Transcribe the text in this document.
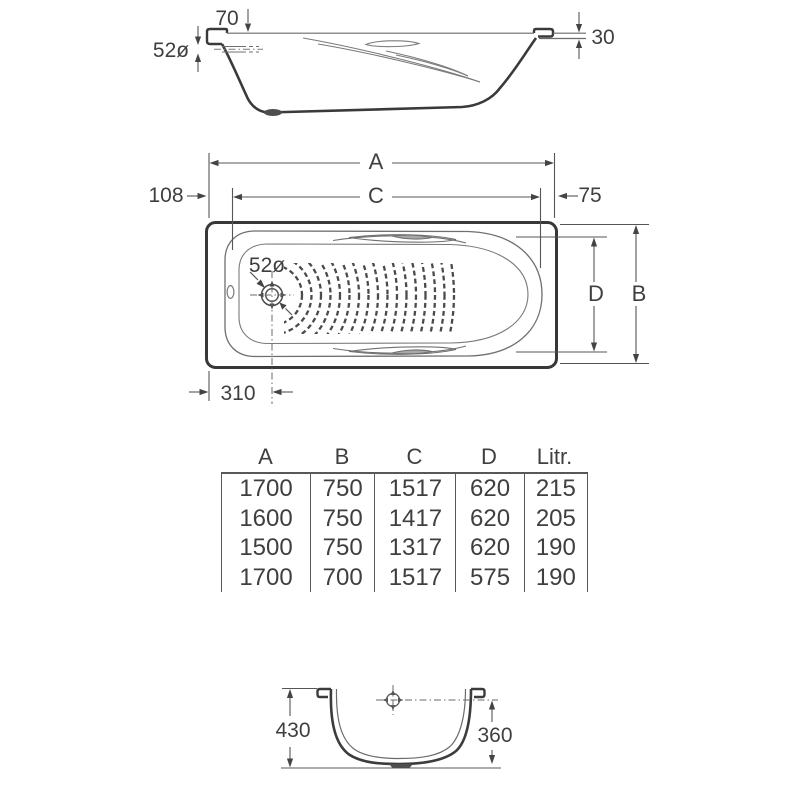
70
52ø
30
A
C
108	75
D	B
52ø
310
430	360
A	B	C	D	Litr.
1700	750	1517	620	215
1600	750	1417	620	205
1500	750	1317	620	190
1700	700	1517	575	190
